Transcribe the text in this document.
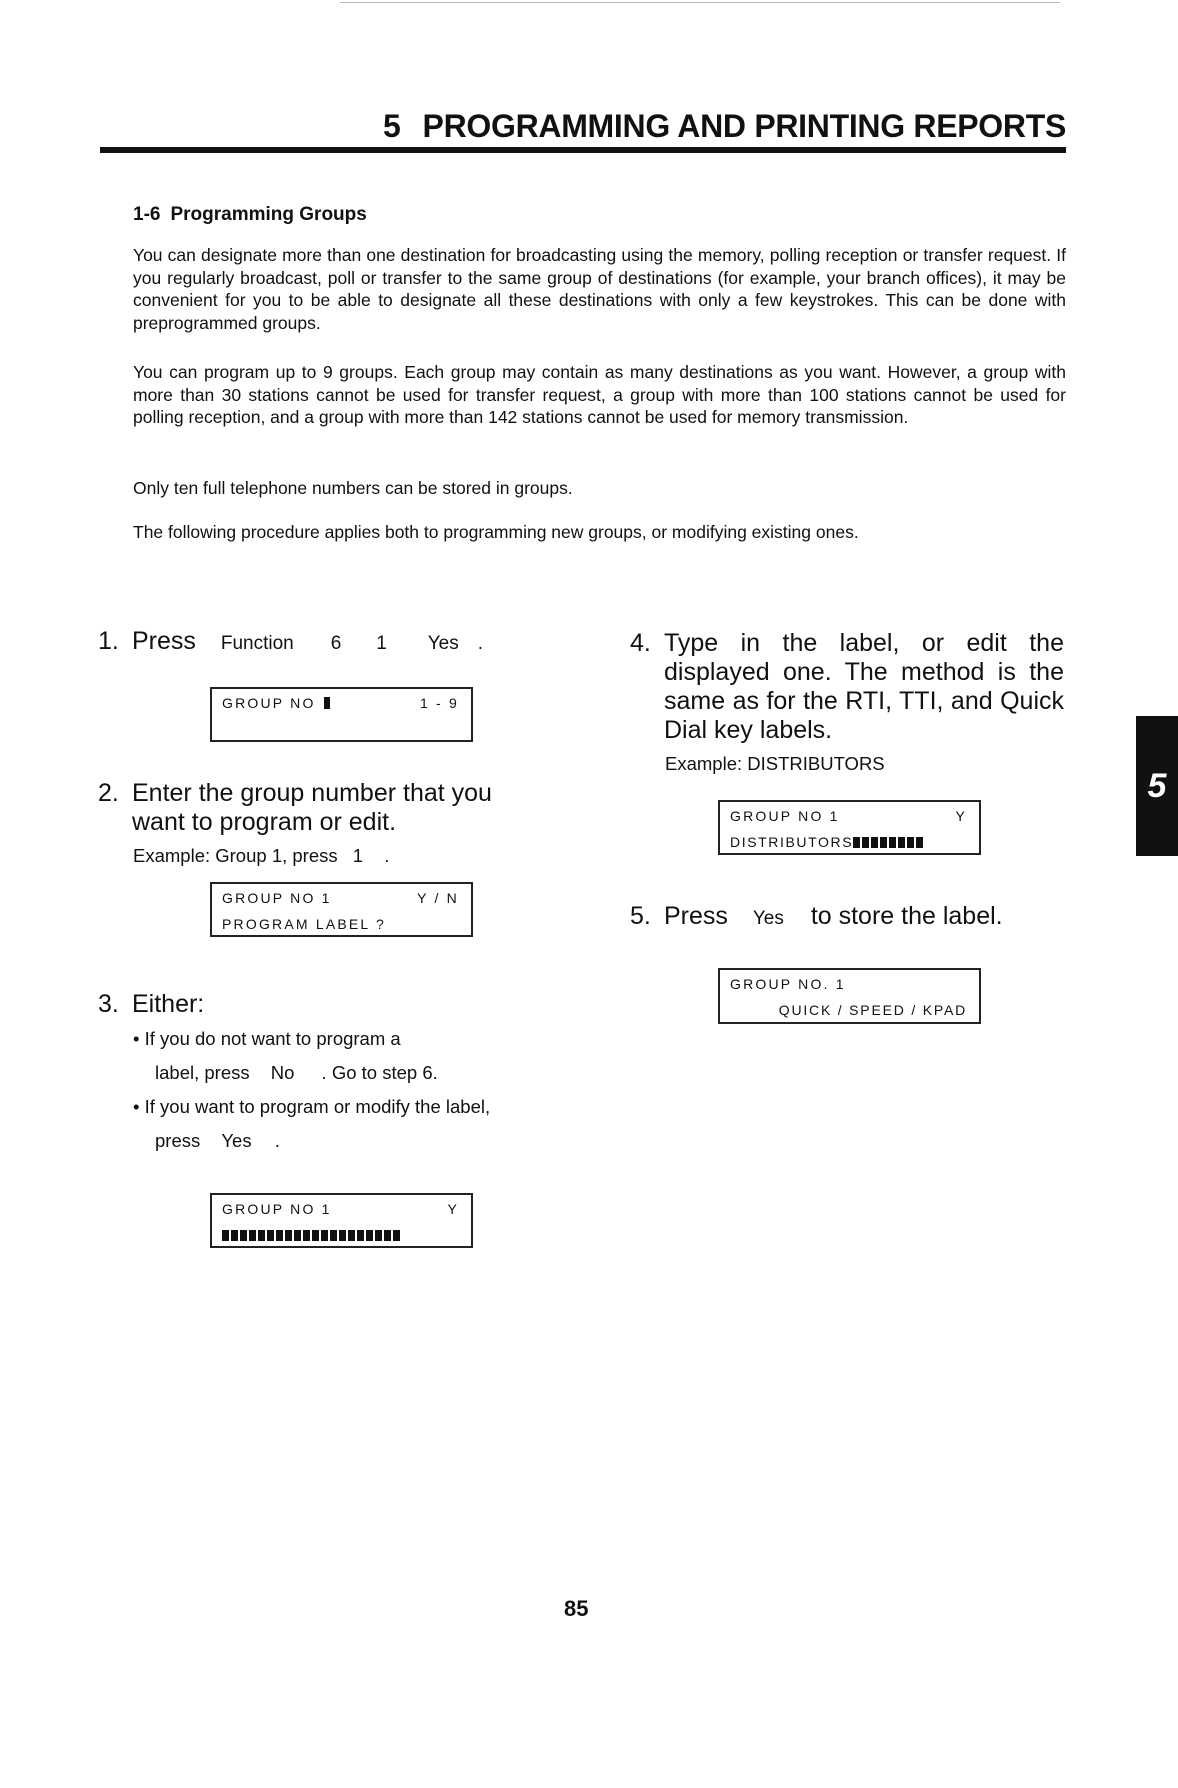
5 PROGRAMMING AND PRINTING REPORTS
1-6 Programming Groups

You can designate more than one destination for broadcasting using the memory, polling reception or transfer request. If you regularly broadcast, poll or transfer to the same group of destinations (for example, your branch offices), it may be convenient for you to be able to designate all these destinations with only a few keystrokes. This can be done with preprogrammed groups.

You can program up to 9 groups. Each group may contain as many destinations as you want. However, a group with more than 30 stations cannot be used for transfer request, a group with more than 100 stations cannot be used for polling reception, and a group with more than 142 stations cannot be used for memory transmission.

Only ten full telephone numbers can be stored in groups.

The following procedure applies both to programming new groups, or modifying existing ones.

1. Press Function 6 1 Yes .
GROUP NO	1 - 9
2. Enter the group number that you want to program or edit.
Example: Group 1, press 1 .
GROUP NO 1	Y / N
PROGRAM LABEL ?
3. Either:
• If you do not want to program a
label, press No . Go to step 6.
• If you want to program or modify the label,
press Yes .
GROUP NO 1	Y
4. Type in the label, or edit the displayed one. The method is the same as for the RTI, TTI, and Quick Dial key labels.
Example: DISTRIBUTORS
GROUP NO 1	Y
DISTRIBUTORS
5. Press Yes to store the label.
GROUP NO. 1
QUICK / SPEED / KPAD
5
85
